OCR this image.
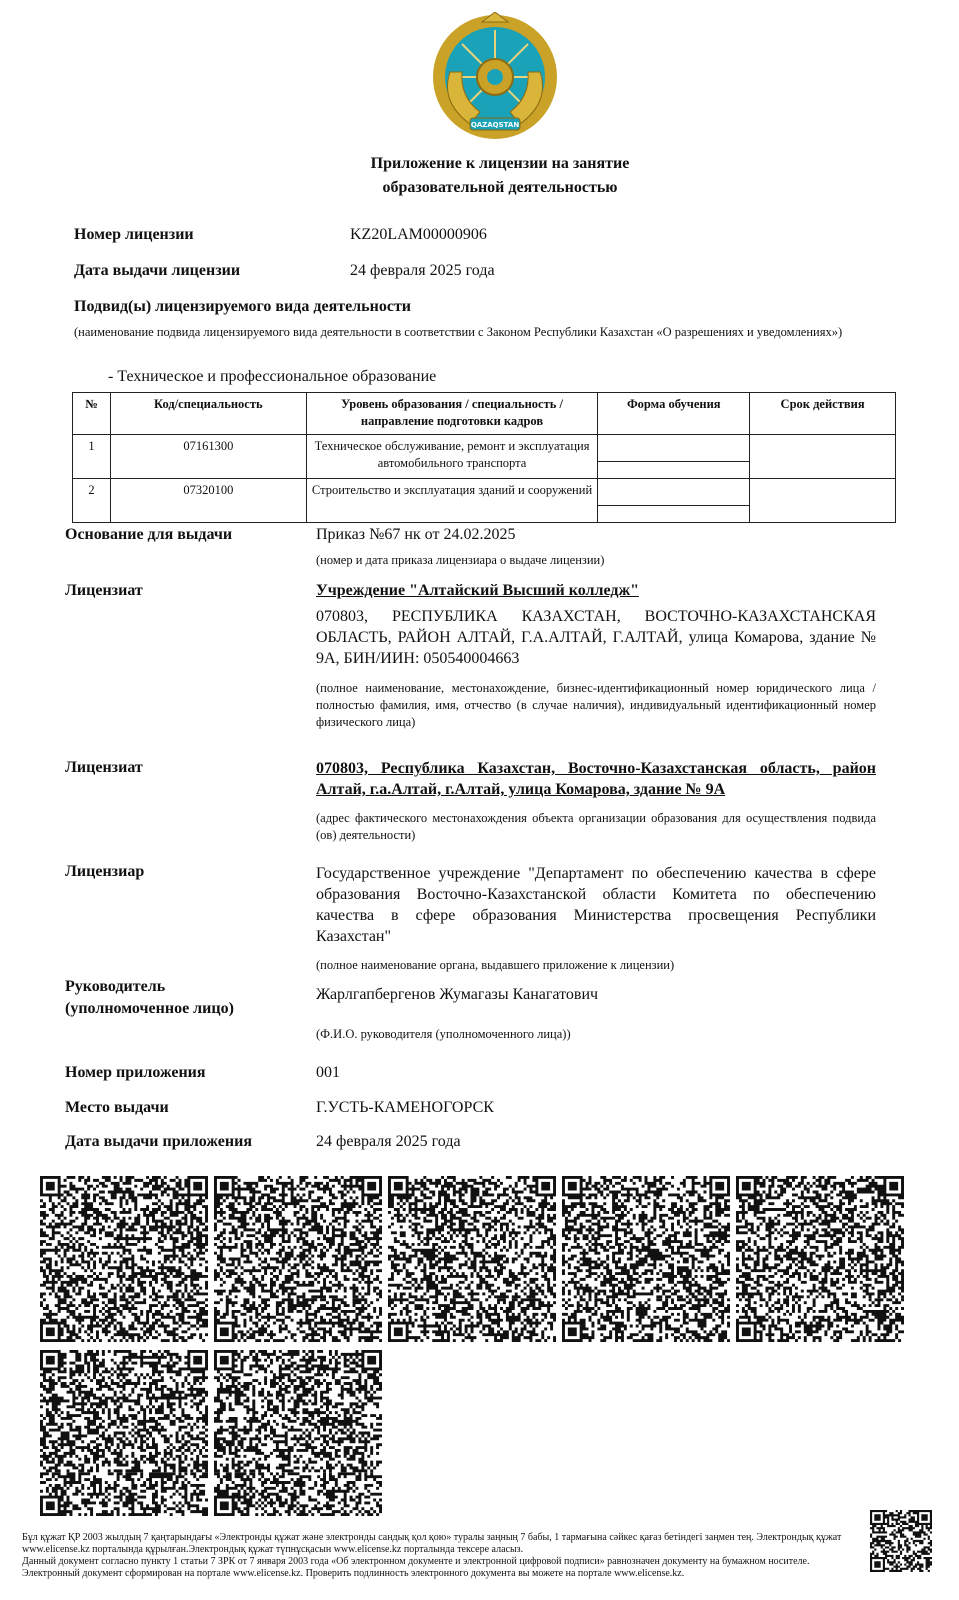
QAZAQSTAN
Приложение к лицензии на занятие
образовательной деятельностью
Номер лицензии	KZ20LAM00000906
Дата выдачи лицензии	24 февраля 2025 года
Подвид(ы) лицензируемого вида деятельности
(наименование подвида лицензируемого вида деятельности в соответствии с Законом Республики Казахстан «О разрешениях и уведомлениях»)
- Техническое и профессиональное образование
№	Код/специальность	Уровень образования / специальность / направление подготовки кадров	Форма обучения	Срок действия
1	07161300	Техническое обслуживание, ремонт и эксплуатация автомобильного транспорта	

2	07320100	Строительство и эксплуатация зданий и сооружений	

Основание для выдачи	Приказ №67 нк от 24.02.2025
(номер и дата приказа лицензиара о выдаче лицензии)
Лицензиат	Учреждение "Алтайский Высший колледж"
070803, РЕСПУБЛИКА КАЗАХСТАН, ВОСТОЧНО-КАЗАХСТАНСКАЯ ОБЛАСТЬ, РАЙОН АЛТАЙ, Г.А.АЛТАЙ, Г.АЛТАЙ, улица Комарова, здание № 9А, БИН/ИИН: 050540004663
(полное наименование, местонахождение, бизнес-идентификационный номер юридического лица / полностью фамилия, имя, отчество (в случае наличия), индивидуальный идентификационный номер физического лица)
Лицензиат	070803, Республика Казахстан, Восточно-Казахстанская область, район Алтай, г.а.Алтай, г.Алтай, улица Комарова, здание № 9А
(адрес фактического местонахождения объекта организации образования для осуществления подвида (ов) деятельности)
Лицензиар	Государственное учреждение "Департамент по обеспечению качества в сфере образования Восточно-Казахстанской области Комитета по обеспечению качества в сфере образования Министерства просвещения Республики Казахстан"
(полное наименование органа, выдавшего приложение к лицензии)
Руководитель
(уполномоченное лицо)
Жарлгапбергенов Жумагазы Канагатович
(Ф.И.О. руководителя (уполномоченного лица))
Номер приложения	001
Место выдачи	Г.УСТЬ-КАМЕНОГОРСК
Дата выдачи приложения	24 февраля 2025 года
Бұл құжат ҚР 2003 жылдың 7 қаңтарындағы «Электронды құжат және электронды сандық қол қою» туралы заңның 7 бабы, 1 тармағына сәйкес қағаз бетіндегі заңмен тең. Электрондық құжат www.elicense.kz порталында құрылған.Электрондық құжат түпнұсқасын www.elicense.kz порталында тексере аласыз.
Данный документ согласно пункту 1 статьи 7 ЗРК от 7 января 2003 года «Об электронном документе и электронной цифровой подписи» равнозначен документу на бумажном носителе. Электронный документ сформирован на портале www.elicense.kz. Проверить подлинность электронного документа вы можете на портале www.elicense.kz.
